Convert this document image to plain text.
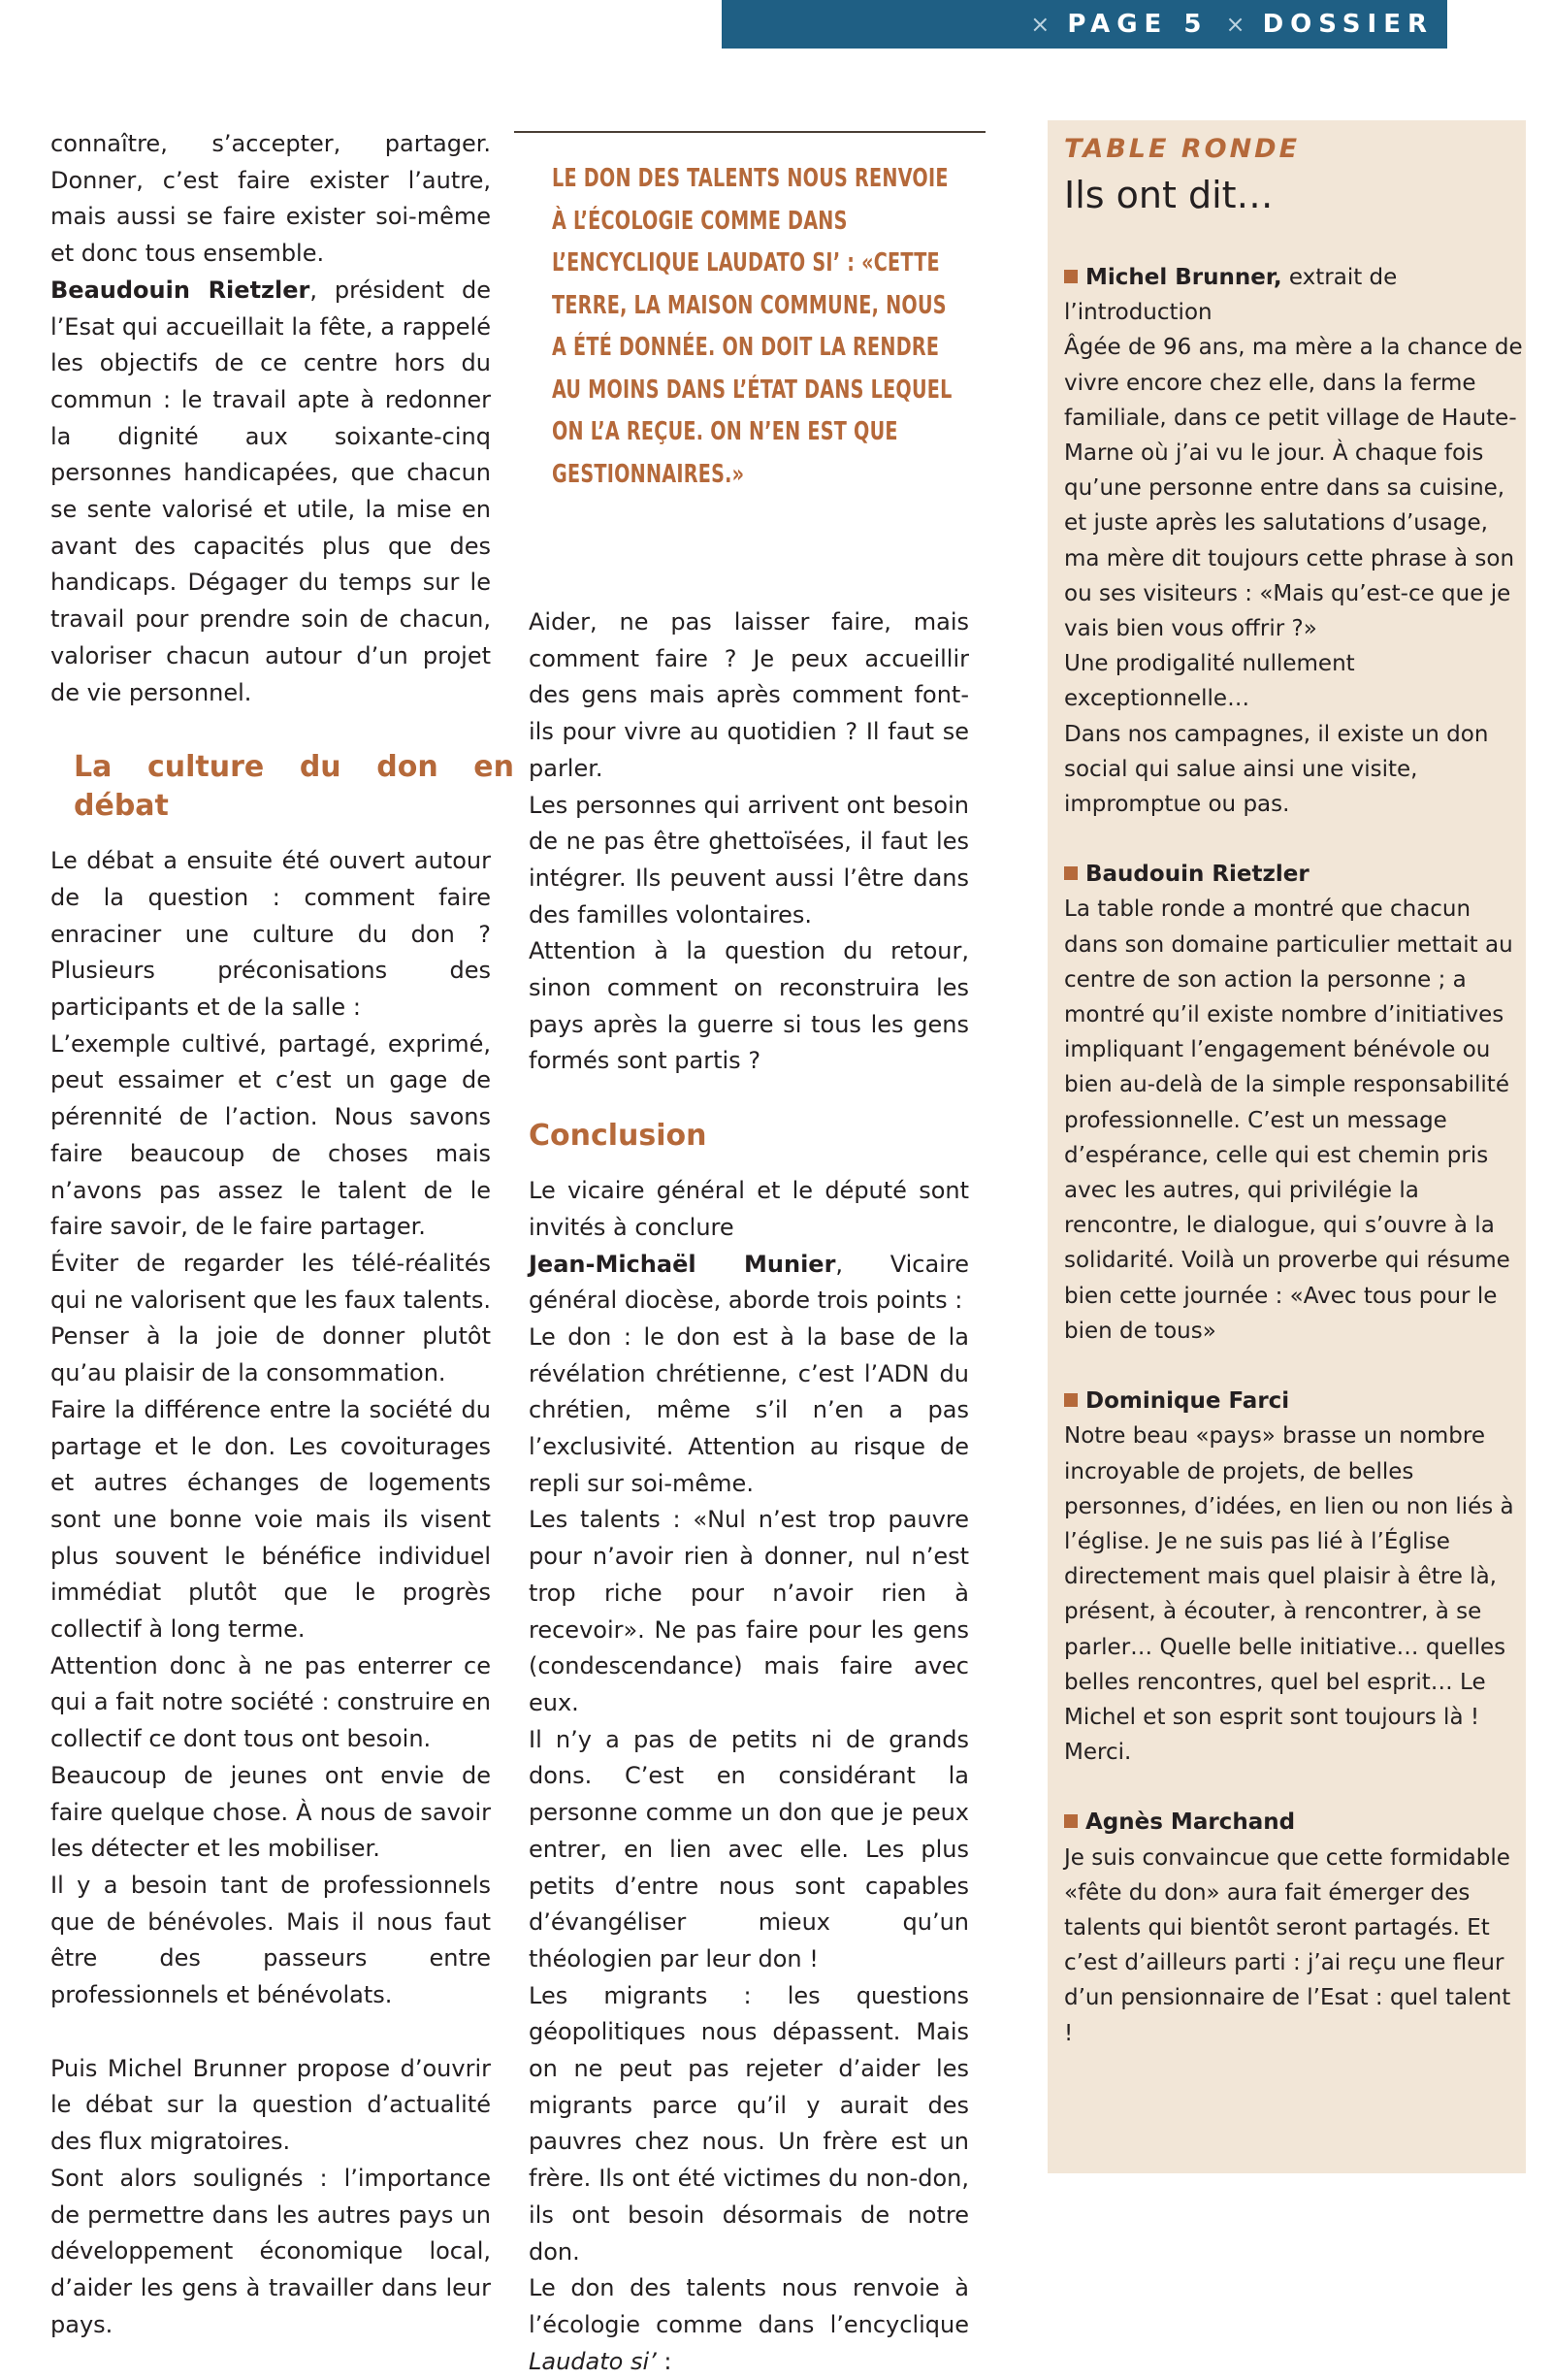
× PAGE 5 × DOSSIER

connaître, s’accepter, partager. Donner, c’est faire exister l’autre, mais aussi se faire exister soi-même et donc tous ensemble.

Beaudouin Rietzler, président de l’Esat qui accueillait la fête, a rappelé les objectifs de ce centre hors du commun : le travail apte à redonner la dignité aux soixante-cinq personnes handicapées, que chacun se sente valorisé et utile, la mise en avant des capacités plus que des handicaps. Dégager du temps sur le travail pour prendre soin de chacun, valoriser chacun autour d’un projet de vie personnel.

La culture du don en débat

Le débat a ensuite été ouvert autour de la question : comment faire enraciner une culture du don ? Plusieurs préconisations des participants et de la salle :

L’exemple cultivé, partagé, exprimé, peut essaimer et c’est un gage de pérennité de l’action. Nous savons faire beaucoup de choses mais n’avons pas assez le talent de le faire savoir, de le faire partager.

Éviter de regarder les télé-réalités qui ne valorisent que les faux talents. Penser à la joie de donner plutôt qu’au plaisir de la consommation.

Faire la différence entre la société du partage et le don. Les covoiturages et autres échanges de logements sont une bonne voie mais ils visent plus souvent le bénéfice individuel immédiat plutôt que le progrès collectif à long terme.

Attention donc à ne pas enterrer ce qui a fait notre société : construire en collectif ce dont tous ont besoin.

Beaucoup de jeunes ont envie de faire quelque chose. À nous de savoir les détecter et les mobiliser.

Il y a besoin tant de professionnels que de bénévoles. Mais il nous faut être des passeurs entre professionnels et bénévolats.

Puis Michel Brunner propose d’ouvrir le débat sur la question d’actualité des flux migratoires.

Sont alors soulignés : l’importance de permettre dans les autres pays un développement économique local, d’aider les gens à travailler dans leur pays.

LE DON DES TALENTS NOUS RENVOIE À L’ÉCOLOGIE COMME DANS L’ENCYCLIQUE LAUDATO SI’ : «CETTE TERRE, LA MAISON COMMUNE, NOUS A ÉTÉ DONNÉE. ON DOIT LA RENDRE AU MOINS DANS L’ÉTAT DANS LEQUEL ON L’A REÇUE. ON N’EN EST QUE GESTIONNAIRES.»

Aider, ne pas laisser faire, mais comment faire ? Je peux accueillir des gens mais après comment font-ils pour vivre au quotidien ? Il faut se parler.

Les personnes qui arrivent ont besoin de ne pas être ghettoïsées, il faut les intégrer. Ils peuvent aussi l’être dans des familles volontaires.

Attention à la question du retour, sinon comment on reconstruira les pays après la guerre si tous les gens formés sont partis ?

Conclusion

Le vicaire général et le député sont invités à conclure

Jean-Michaël Munier, Vicaire général diocèse, aborde trois points :

Le don : le don est à la base de la révélation chrétienne, c’est l’ADN du chrétien, même s’il n’en a pas l’exclusivité. Attention au risque de repli sur soi-même.

Les talents : «Nul n’est trop pauvre pour n’avoir rien à donner, nul n’est trop riche pour n’avoir rien à recevoir». Ne pas faire pour les gens (condescendance) mais faire avec eux.

Il n’y a pas de petits ni de grands dons. C’est en considérant la personne comme un don que je peux entrer, en lien avec elle. Les plus petits d’entre nous sont capables d’évangéliser mieux qu’un théologien par leur don !

Les migrants : les questions géopolitiques nous dépassent. Mais on ne peut pas rejeter d’aider les migrants parce qu’il y aurait des pauvres chez nous. Un frère est un frère. Ils ont été victimes du non-don, ils ont besoin désormais de notre don.

Le don des talents nous renvoie à l’écologie comme dans l’encyclique Laudato si’ :

TABLE RONDE
Ils ont dit…

Michel Brunner, extrait de l’introduction

Âgée de 96 ans, ma mère a la chance de vivre encore chez elle, dans la ferme familiale, dans ce petit village de Haute-Marne où j’ai vu le jour. À chaque fois qu’une personne entre dans sa cuisine, et juste après les salutations d’usage, ma mère dit toujours cette phrase à son ou ses visiteurs : «Mais qu’est-ce que je vais bien vous offrir ?»

Une prodigalité nullement exceptionnelle…

Dans nos campagnes, il existe un don social qui salue ainsi une visite, impromptue ou pas.

Baudouin Rietzler

La table ronde a montré que chacun dans son domaine particulier mettait au centre de son action la personne ; a montré qu’il existe nombre d’initiatives impliquant l’engagement bénévole ou bien au-delà de la simple responsabilité professionnelle. C’est un message d’espérance, celle qui est chemin pris avec les autres, qui privilégie la rencontre, le dialogue, qui s’ouvre à la solidarité. Voilà un proverbe qui résume bien cette journée : «Avec tous pour le bien de tous»

Dominique Farci

Notre beau «pays» brasse un nombre incroyable de projets, de belles personnes, d’idées, en lien ou non liés à l’église. Je ne suis pas lié à l’Église directement mais quel plaisir à être là, présent, à écouter, à rencontrer, à se parler… Quelle belle initiative… quelles belles rencontres, quel bel esprit… Le Michel et son esprit sont toujours là ! Merci.

Agnès Marchand

Je suis convaincue que cette formidable «fête du don» aura fait émerger des talents qui bientôt seront partagés. Et c’est d’ailleurs parti : j’ai reçu une fleur d’un pensionnaire de l’Esat : quel talent !
